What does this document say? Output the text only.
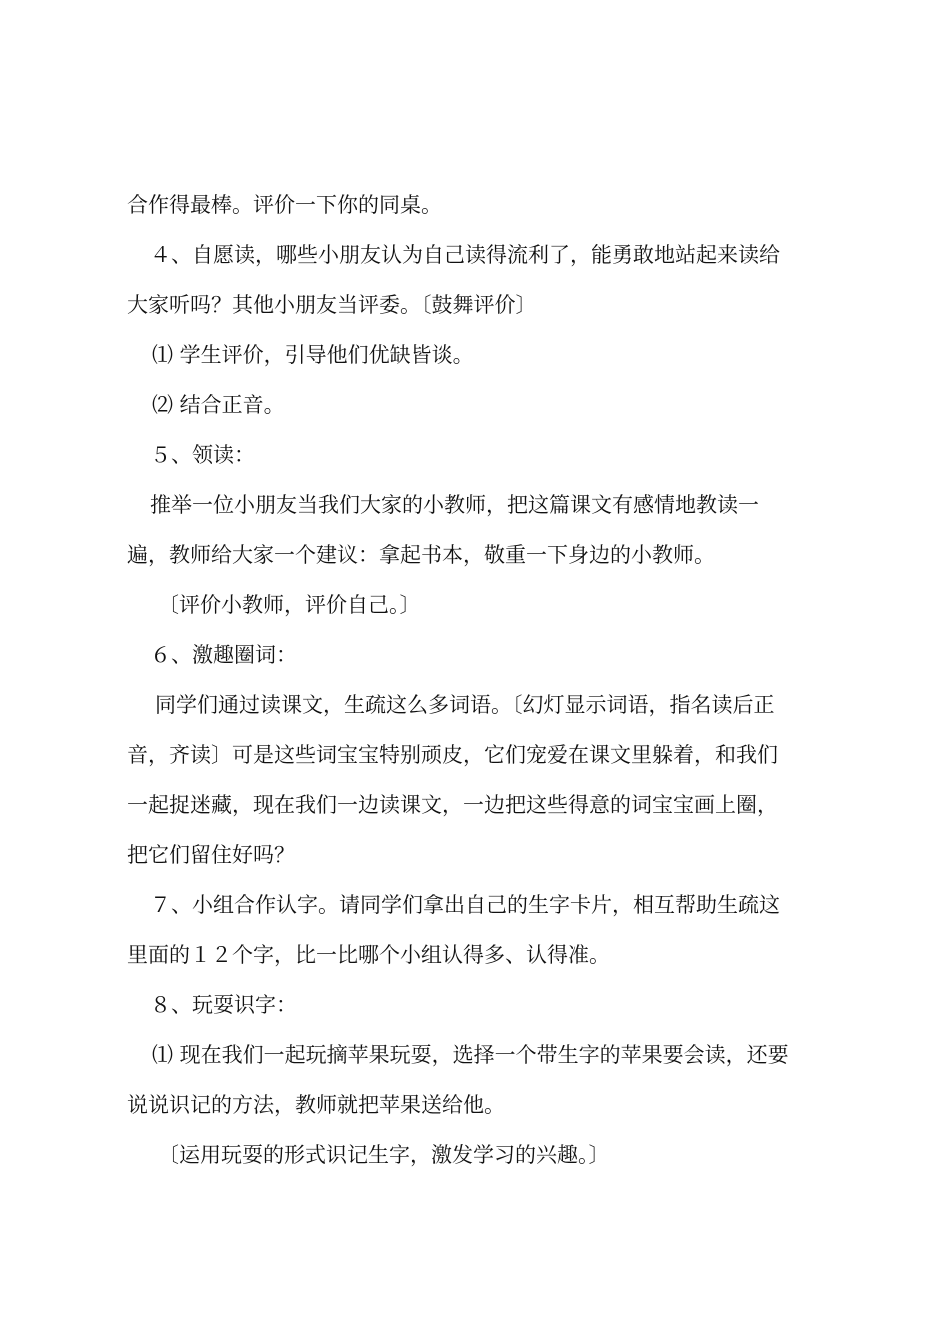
合作得最棒。评价一下你的同桌。
４、自愿读，哪些小朋友认为自己读得流利了，能勇敢地站起来读给
大家听吗？其他小朋友当评委。〔鼓舞评价〕
⑴ 学生评价，引导他们优缺皆谈。
⑵ 结合正音。
５、领读：
推举一位小朋友当我们大家的小教师，把这篇课文有感情地教读一
遍，教师给大家一个建议：拿起书本，敬重一下身边的小教师。
〔评价小教师，评价自己。〕
６、激趣圈词：
同学们通过读课文，生疏这么多词语。〔幻灯显示词语，指名读后正
音，齐读〕可是这些词宝宝特别顽皮，它们宠爱在课文里躲着，和我们
一起捉迷藏，现在我们一边读课文，一边把这些得意的词宝宝画上圈，
把它们留住好吗？
７、小组合作认字。请同学们拿出自己的生字卡片，相互帮助生疏这
里面的１２个字，比一比哪个小组认得多、认得准。
８、玩耍识字：
⑴ 现在我们一起玩摘苹果玩耍，选择一个带生字的苹果要会读，还要
说说识记的方法，教师就把苹果送给他。
〔运用玩耍的形式识记生字，激发学习的兴趣。〕
